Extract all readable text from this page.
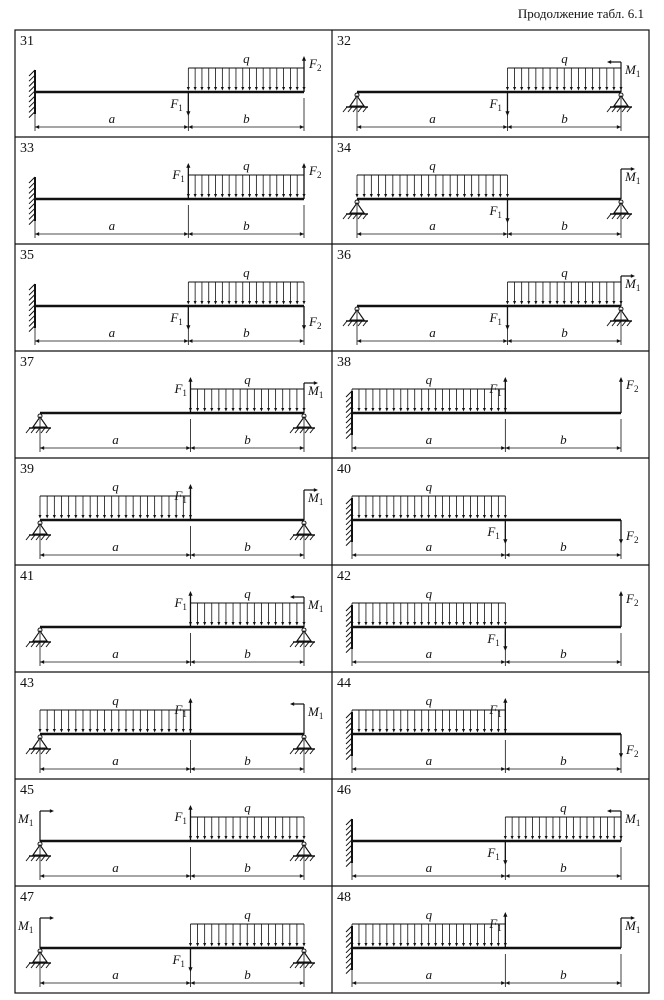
Продолжение табл. 6.1
31
a	b
q
$F_1$
$F_2$
32
a	b
q
$F_1$
$M_1$
33
a	b
q
$F_1$
$F_2$
34
a	b
q
$F_1$
$M_1$
35
a	b
q
$F_1$	$F_2$
36
a	b
q
$F_1$
$M_1$
37
a	b
q
$F_1$	$M_1$
38
a	b
q
$F_1$
$F_2$
39
a	b
q
$F_1$	$M_1$
40
a	b
q
$F_1$	$F_2$
41
a	b
q
$F_1$	$M_1$
42
a	b
q
$F_1$
$F_2$
43
a	b
q
$F_1$	$M_1$
44
a	b
q
$F_1$
$F_2$
45
a	b
q
$F_1$
$M_1$
46
a	b
q
$F_1$
$M_1$
47
a	b
q
$F_1$
$M_1$
48
a	b
q
$F_1$	$M_1$
